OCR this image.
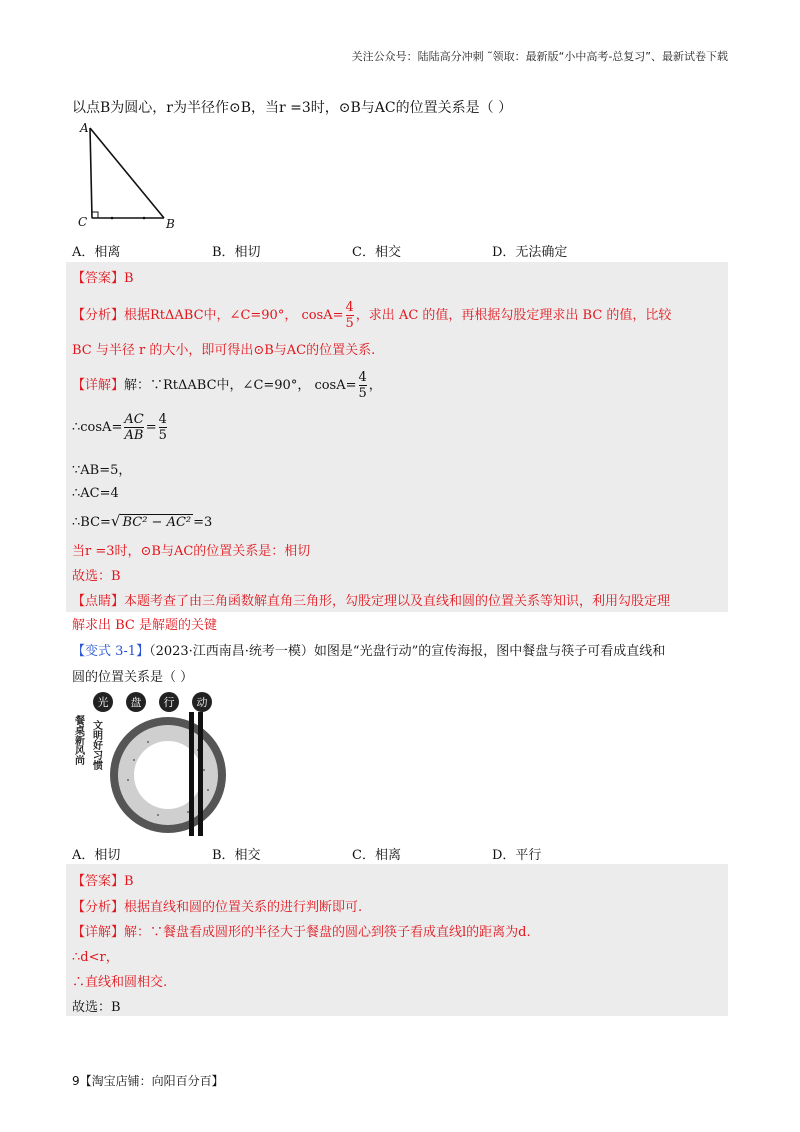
关注公众号：陆陆高分冲刺 ˜领取：最新版“小中高考-总复习”、最新试卷下载
以点B为圆心，r为半径作⊙B，当r =3时，⊙B与AC的位置关系是（ ）
A
C	B
A．相离	B．相切	C．相交	D．无法确定
【答案】B
【分析】根据RtΔABC中，∠C=90°， $\cos A= \frac{4}{5}$ ，求出 AC 的值，再根据勾股定理求出 BC 的值，比较
BC 与半径 r 的大小，即可得出⊙B与AC的位置关系.
【详解】解：∵RtΔABC中，∠C=90°， $\cos A= \frac{4}{5}$ ，
∴cosA= $\frac{AC}{AB} = \frac{4}{5}$
∵AB=5，
∴AC=4
∴BC=√ BC² − AC² =3
当r =3时，⊙B与AC的位置关系是：相切
故选：B
【点睛】本题考查了由三角函数解直角三角形，勾股定理以及直线和圆的位置关系等知识，利用勾股定理
解求出 BC 是解题的关键
【变式 3-1】（2023·江西南昌·统考一模）如图是“光盘行动”的宣传海报，图中餐盘与筷子可看成直线和
圆的位置关系是（ ）
光 盘 行 动
餐桌新风尚 文明好习惯
A．相切	B．相交	C．相离	D．平行
【答案】B
【分析】根据直线和圆的位置关系的进行判断即可.
【详解】解：∵餐盘看成圆形的半径大于餐盘的圆心到筷子看成直线l的距离为d.
∴d<r，
∴直线和圆相交.
故选：B
9【淘宝店铺：向阳百分百】
